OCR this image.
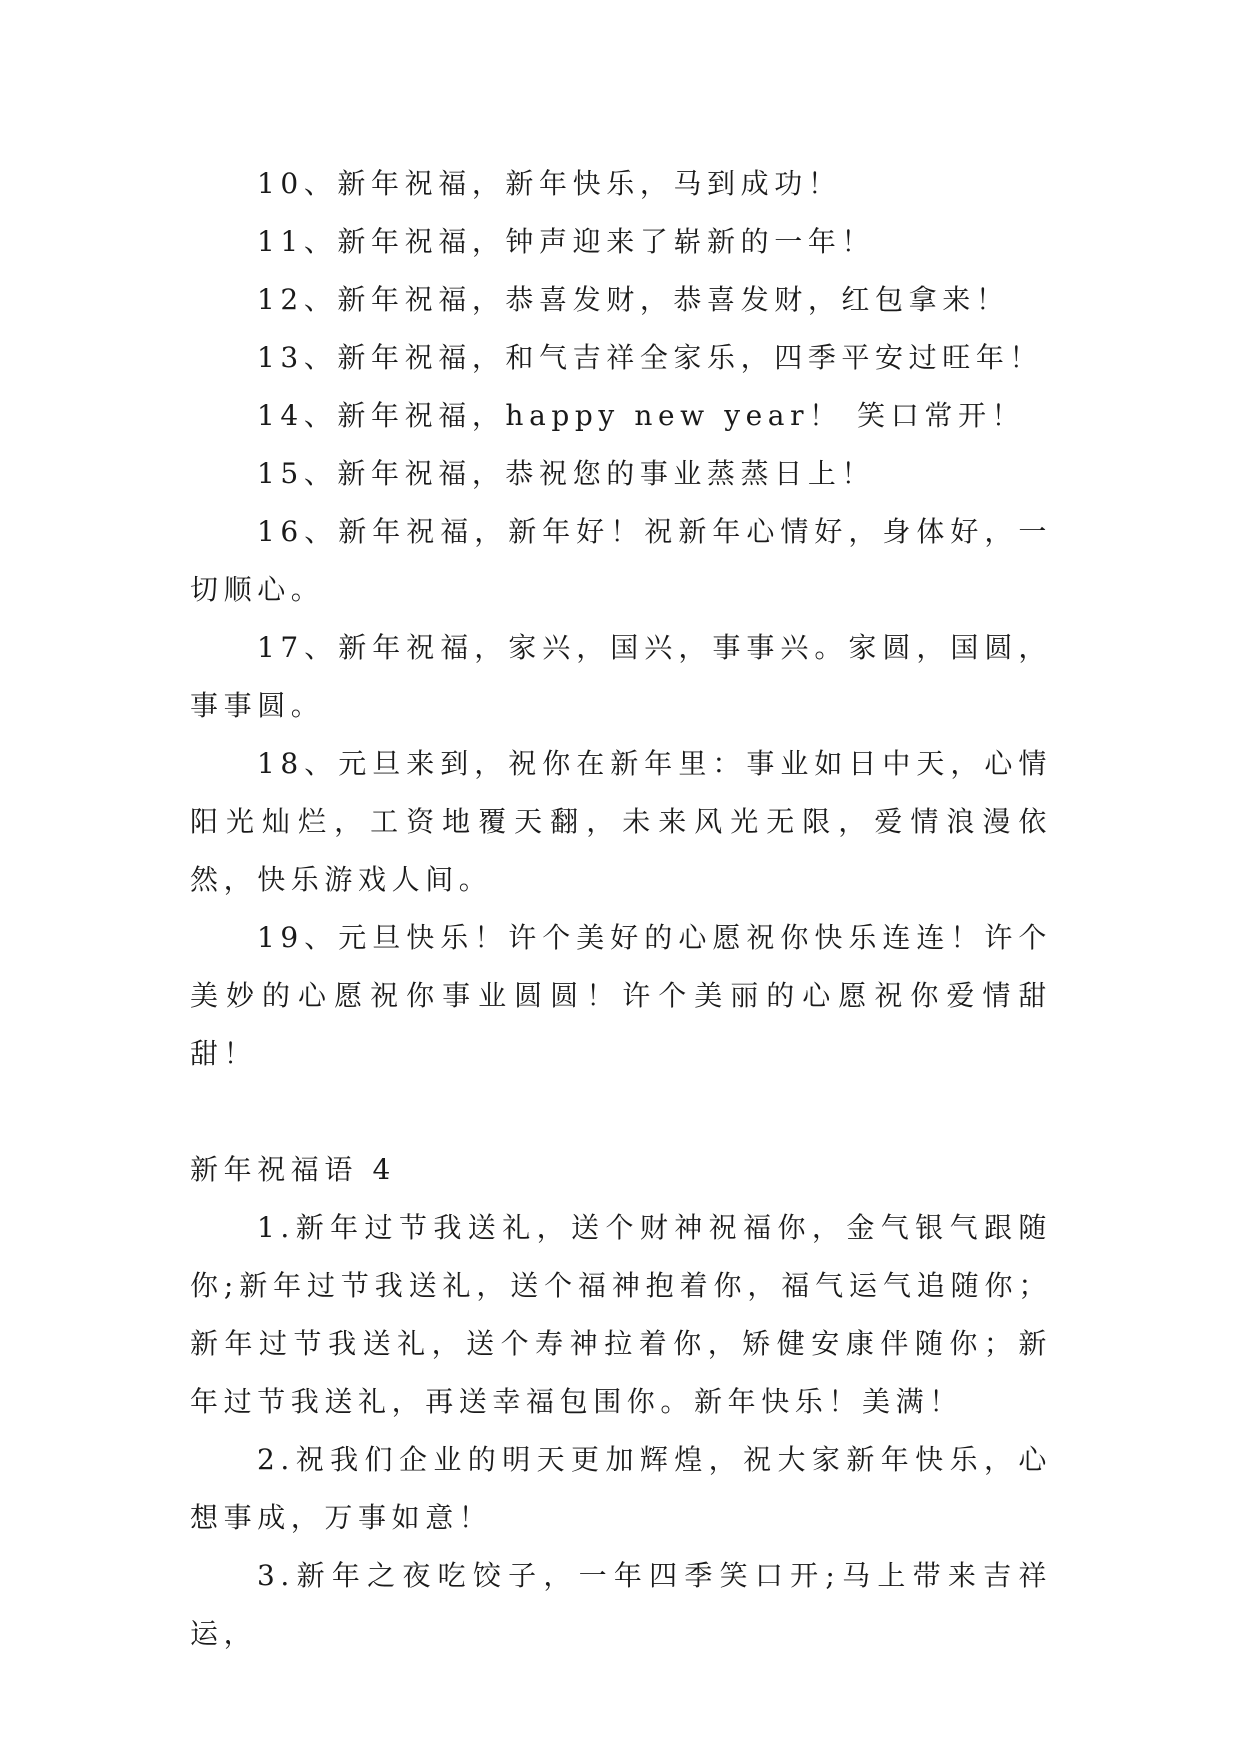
10、新年祝福，新年快乐，马到成功！

11、新年祝福，钟声迎来了崭新的一年！

12、新年祝福，恭喜发财，恭喜发财，红包拿来！

13、新年祝福，和气吉祥全家乐，四季平安过旺年！

14、新年祝福，happy new year！ 笑口常开！

15、新年祝福，恭祝您的事业蒸蒸日上！

16、新年祝福，新年好！祝新年心情好，身体好，一切顺心。

17、新年祝福，家兴，国兴，事事兴。家圆，国圆，事事圆。

18、元旦来到，祝你在新年里：事业如日中天，心情阳光灿烂，工资地覆天翻，未来风光无限，爱情浪漫依然，快乐游戏人间。

19、元旦快乐！许个美好的心愿祝你快乐连连！许个美妙的心愿祝你事业圆圆！许个美丽的心愿祝你爱情甜甜！

新年祝福语 4

1.新年过节我送礼，送个财神祝福你，金气银气跟随你;新年过节我送礼，送个福神抱着你，福气运气追随你；新年过节我送礼，送个寿神拉着你，矫健安康伴随你；新年过节我送礼，再送幸福包围你。新年快乐！美满！

2.祝我们企业的明天更加辉煌，祝大家新年快乐，心想事成，万事如意！

3.新年之夜吃饺子，一年四季笑口开;马上带来吉祥运，
